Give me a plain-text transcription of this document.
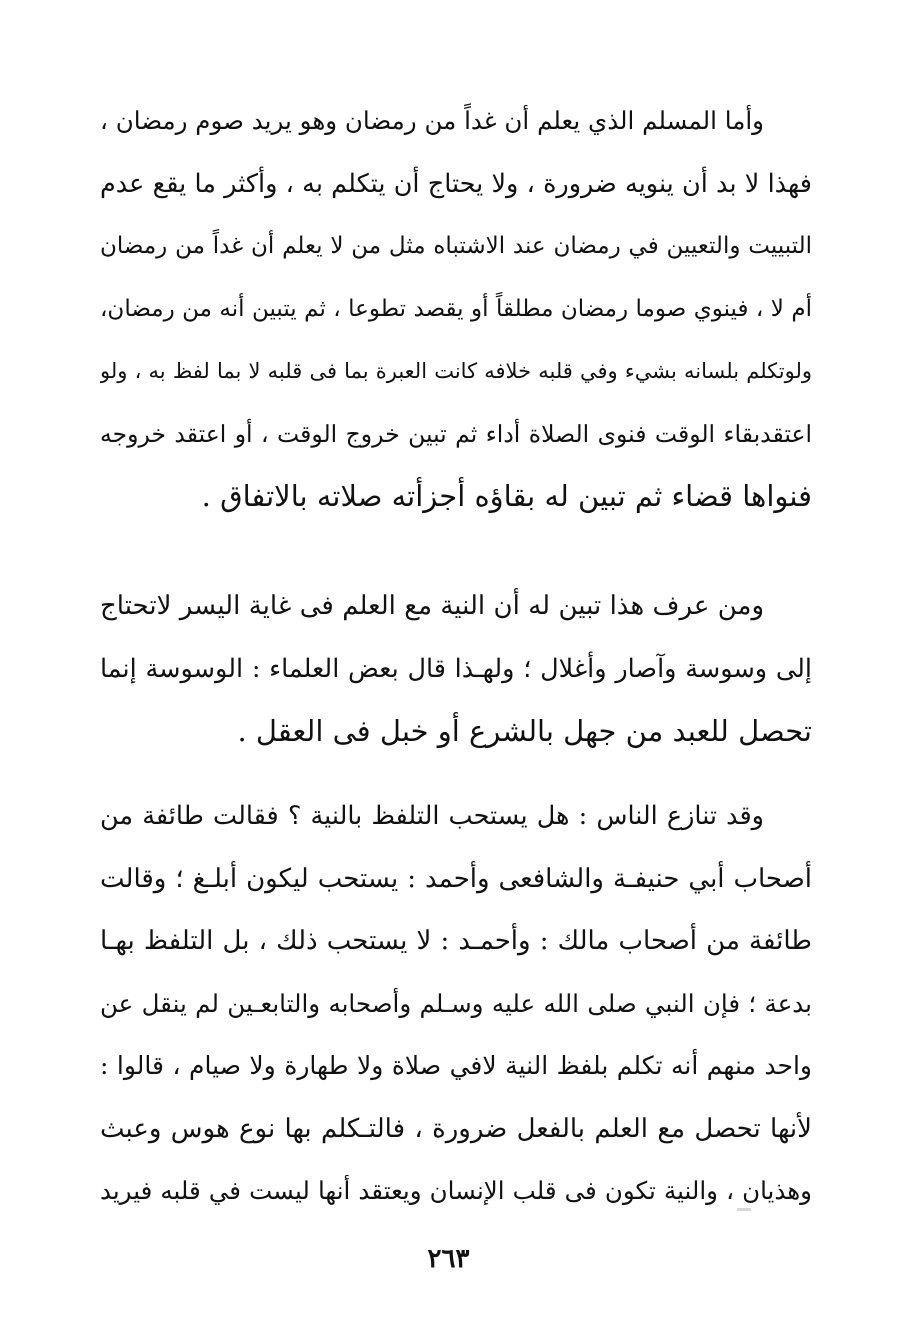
وأما المسلم الذي يعلم أن غداً من رمضان وهو يريد صوم رمضان ،
فهذا لا بد أن ينويه ضرورة ، ولا يحتاج أن يتكلم به ، وأكثر ما يقع عدم
التبييت والتعيين في رمضان عند الاشتباه مثل من لا يعلم أن غداً من رمضان
أم لا ، فينوي صوما رمضان مطلقاً أو يقصد تطوعا ، ثم يتبين أنه من رمضان،
ولوتكلم بلسانه بشيء وفي قلبه خلافه كانت العبرة بما فى قلبه لا بما لفظ به ، ولو
اعتقدبقاء الوقت فنوى الصلاة أداء ثم تبين خروج الوقت ، أو اعتقد خروجه
فنواها قضاء ثم تبين له بقاؤه أجزأته صلاته بالاتفاق .
ومن عرف هذا تبين له أن النية مع العلم فى غاية اليسر لاتحتاج
إلى وسوسة وآصار وأغلال ؛ ولهـذا قال بعض العلماء : الوسوسة إنما
تحصل للعبد من جهل بالشرع أو خبل فى العقل .
وقد تنازع الناس : هل يستحب التلفظ بالنية ؟ فقالت طائفة من
أصحاب أبي حنيفـة والشافعى وأحمد : يستحب ليكون أبلـغ ؛ وقالت
طائفة من أصحاب مالك : وأحمـد : لا يستحب ذلك ، بل التلفظ بهـا
بدعة ؛ فإن النبي صلى الله عليه وسـلم وأصحابه والتابعـين لم ينقل عن
واحد منهم أنه تكلم بلفظ النية لافي صلاة ولا طهارة ولا صيام ، قالوا :
لأنها تحصل مع العلم بالفعل ضرورة ، فالتـكلم بها نوع هوس وعبث
وهذيان ، والنية تكون فى قلب الإنسان ويعتقد أنها ليست في قلبه فيريد
٢٦٣
